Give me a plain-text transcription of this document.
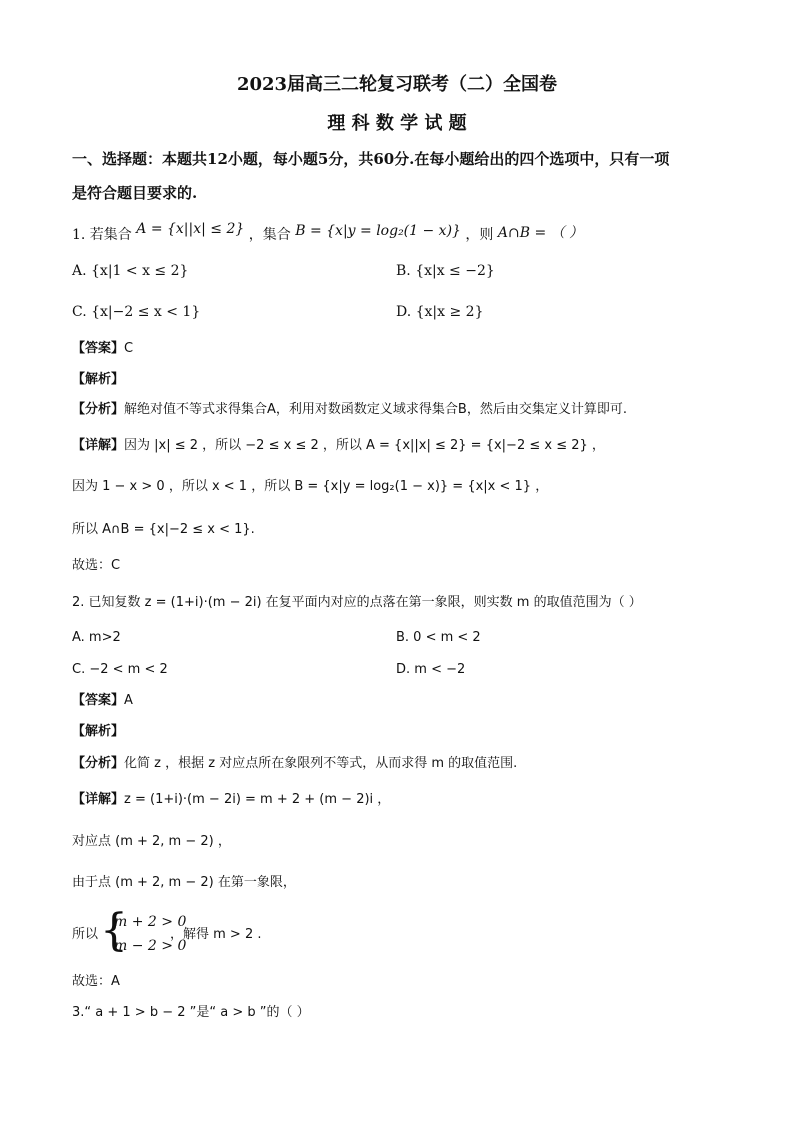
2023届高三二轮复习联考（二）全国卷
理 科 数 学 试 题
一、选择题：本题共12小题，每小题5分，共60分.在每小题给出的四个选项中，只有一项
是符合题目要求的.
1. 若集合 A = {x||x| ≤ 2} ，集合 B = {x|y = log₂(1 − x)} ，则 A∩B = （ ）
A. {x|1 < x ≤ 2}	B. {x|x ≤ −2}
C. {x|−2 ≤ x < 1}	D. {x|x ≥ 2}
【答案】C
【解析】
【分析】解绝对值不等式求得集合A，利用对数函数定义域求得集合B，然后由交集定义计算即可.
【详解】因为 |x| ≤ 2 ，所以 −2 ≤ x ≤ 2 ，所以 A = {x||x| ≤ 2} = {x|−2 ≤ x ≤ 2} ，
因为 1 − x > 0 ，所以 x < 1 ，所以 B = {x|y = log₂(1 − x)} = {x|x < 1} ，
所以 A∩B = {x|−2 ≤ x < 1}.
故选：C
2. 已知复数 z = (1+i)·(m − 2i) 在复平面内对应的点落在第一象限，则实数 m 的取值范围为（ ）
A. m>2	B. 0 < m < 2
C. −2 < m < 2	D. m < −2
【答案】A
【解析】
【分析】化简 z ，根据 z 对应点所在象限列不等式，从而求得 m 的取值范围.
【详解】z = (1+i)·(m − 2i) = m + 2 + (m − 2)i ，
对应点 (m + 2, m − 2) ，
由于点 (m + 2, m − 2) 在第一象限，
所以 {
m + 2 > 0
m − 2 > 0
，解得 m > 2 .
故选：A
3.“ a + 1 > b − 2 ”是“ a > b ”的（ ）
